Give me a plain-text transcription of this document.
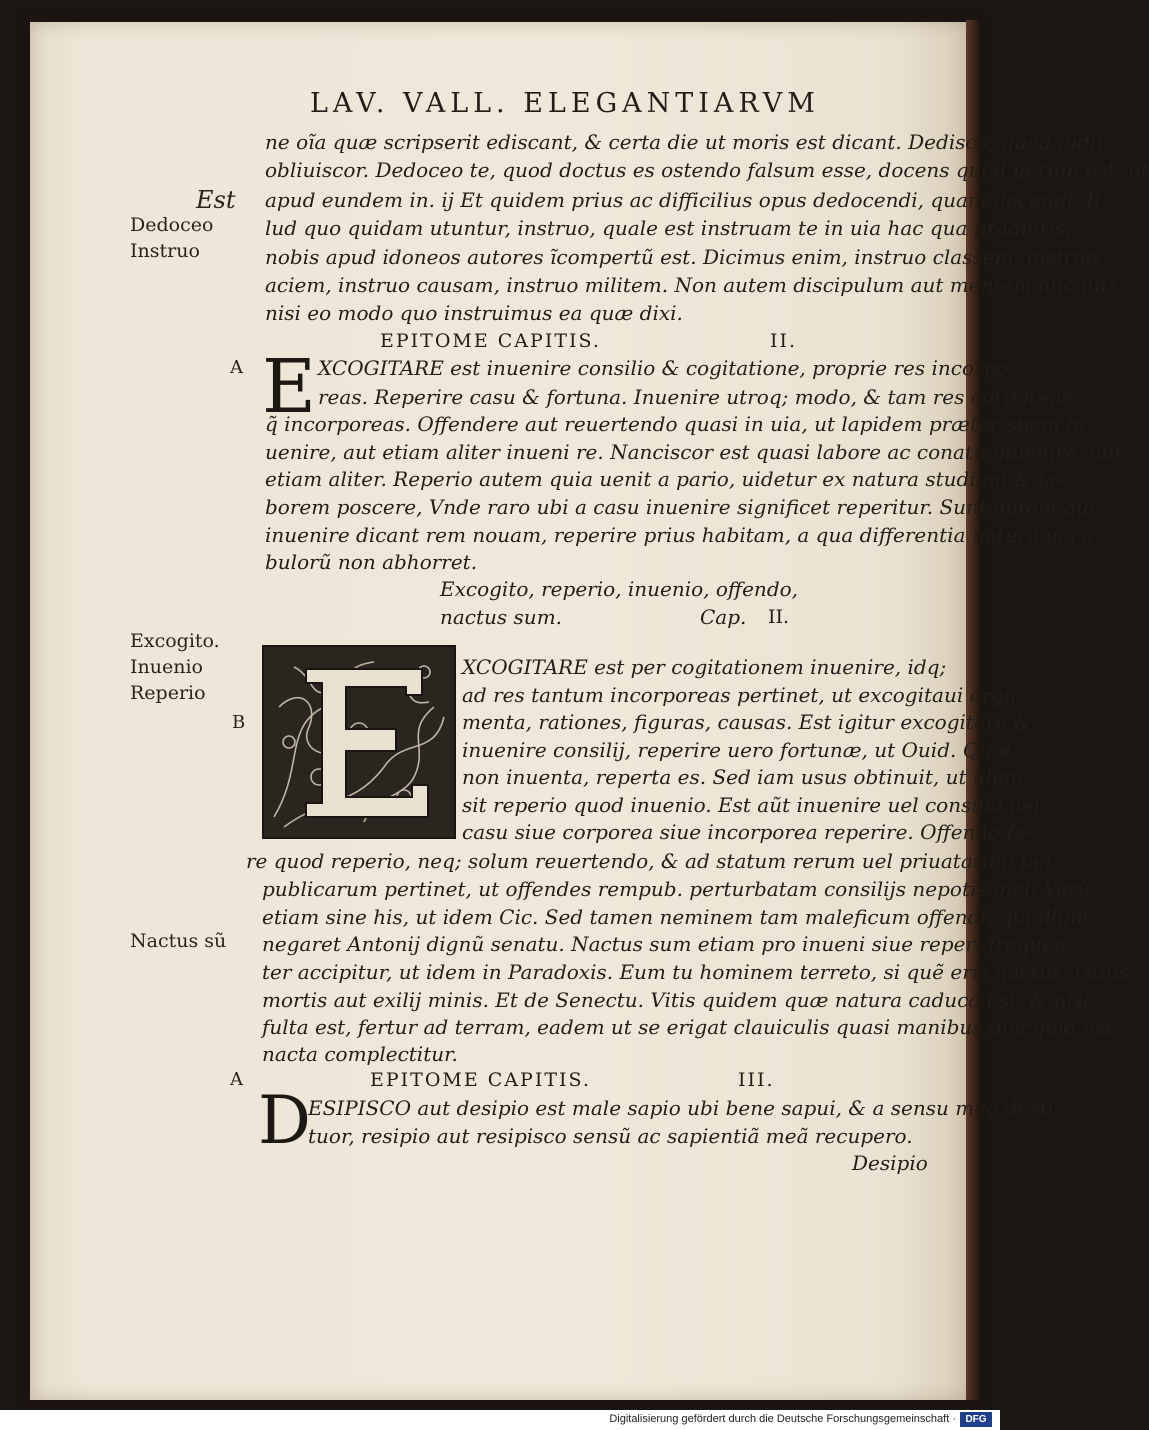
LAV. VALL. ELEGANTIARVM
ne oĩa quæ scripserit ediscant, & certa die ut moris est dicant. Dedisco, quod didiĉ
obliuiscor. Dedoceo te, quod doctus es ostendo falsum esse, docens quod uerum est, ut
apud eundem in. ij Et quidem prius ac difficilius opus dedocendi, quam docendi. Il-
lud quo quidam utuntur, instruo, quale est instruam te in uia hac qua gradieris,
nobis apud idoneos autores ĩcompertũ est. Dicimus enim, instruo classem, instruo
aciem, instruo causam, instruo militem. Non autem discipulum aut mentem alicuius,
nisi eo modo quo instruimus ea quæ dixi.
Est
Dedoceo
Instruo
EPITOME CAPITIS.	II.
A E XCOGITARE est inuenire consilio & cogitatione, proprie res incorpo
reas. Reperire casu & fortuna. Inuenire utroq; modo, & tam res corporeas
q̃ incorporeas. Offendere aut reuertendo quasi in uia, ut lapidem præter spem in-
uenire, aut etiam aliter inueni re. Nanciscor est quasi labore ac conatu inuenire, aut
etiam aliter. Reperio autem quia uenit a pario, uidetur ex natura studium & la-
borem poscere, Vnde raro ubi a casu inuenire significet reperitur. Sunt autem qui
inuenire dicant rem nouam, reperire prius habitam, a qua differentia natura uoca-
bulorũ non abhorret.
Excogito, reperio, inuenio, offendo,
nactus sum.	Cap. II.
Excogito.
Inuenio
Reperio
B
XCOGITARE est per cogitationem inuenire, idq;
ad res tantum incorporeas pertinet, ut excogitaui argu
menta, rationes, figuras, causas. Est igitur excogitare &
inuenire consilij, reperire uero fortunæ, ut Ouid. Quæ
non inuenta, reperta es. Sed iam usus obtinuit, ut idem
sit reperio quod inuenio. Est aũt inuenire uel consilio uel
casu siue corporea siue incorporea reperire. Offendo fe-
re quod reperio, neq; solum reuertendo, & ad statum rerum uel priuatarum uel
publicarum pertinet, ut offendes rempub. perturbatam consilijs nepotis mei: Verũ
etiam sine his, ut idem Cic. Sed tamen neminem tam maleficum offendi, qui illum
negaret Antonij dignũ senatu. Nactus sum etiam pro inueni siue reperi frequen-
ter accipitur, ut idem in Paradoxis. Eum tu hominem terreto, si quẽ eris nactus, istius
mortis aut exilij minis. Et de Senectu. Vitis quidem quæ natura caduca est, & nisi
fulta est, fertur ad terram, eadem ut se erigat clauiculis quasi manibus quicquid est
nacta complectitur.
Nactus sũ
A	EPITOME CAPITIS.	III.
D
ESIPISCO aut desipio est male sapio ubi bene sapui, & a sensu meo desti
tuor, resipio aut resipisco sensũ ac sapientiã meã recupero.
Desipio
Digitalisierung gefördert durch die Deutsche Forschungsgemeinschaft · DFG
